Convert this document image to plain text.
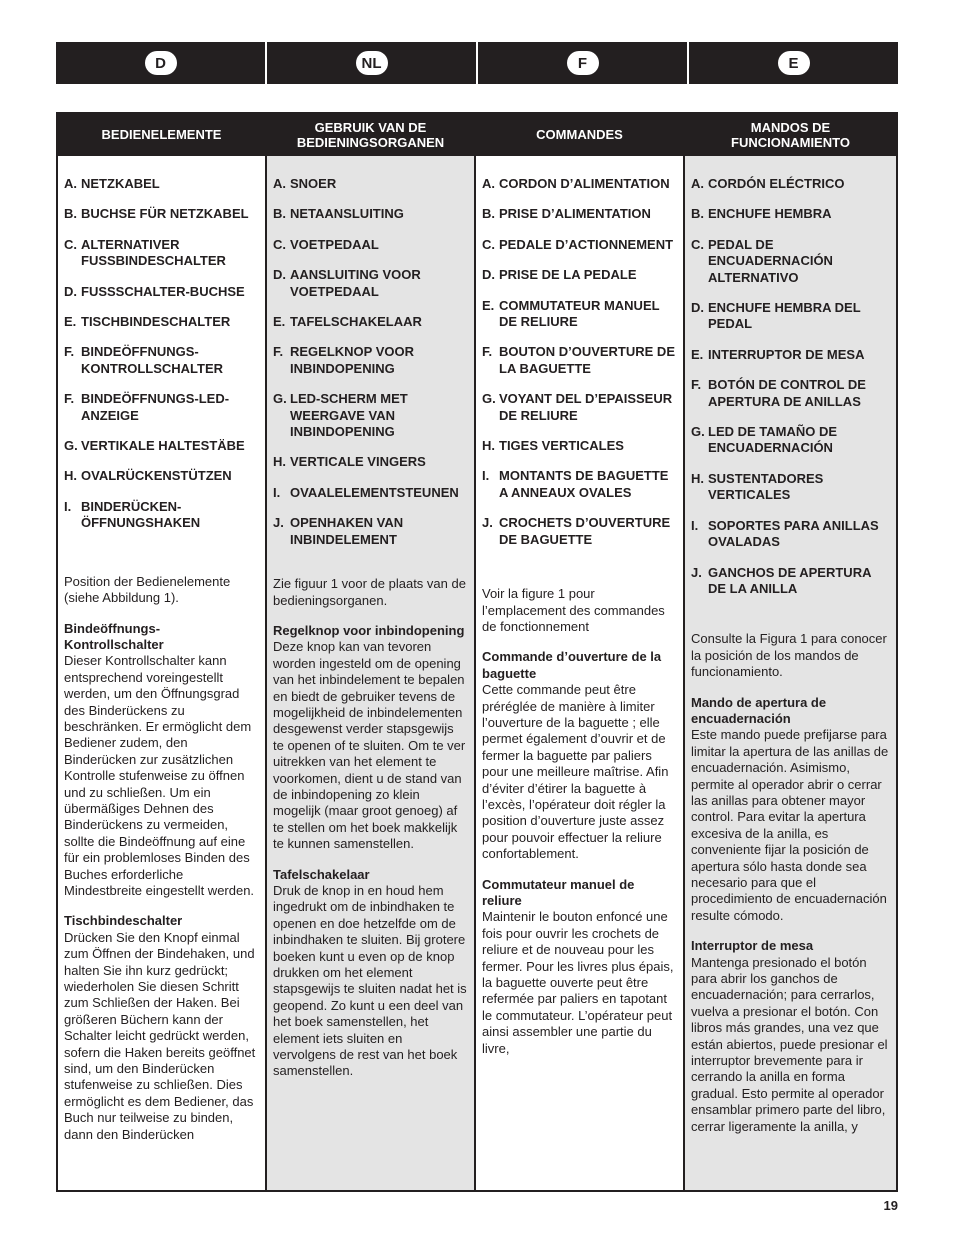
D	NL	F	E
BEDIENELEMENTE
A. NETZKABEL
B. BUCHSE FÜR NETZKABEL
C. ALTERNATIVER FUSSBINDESCHALTER
D. FUSSSCHALTER-BUCHSE
E. TISCHBINDESCHALTER
F. BINDEÖFFNUNGS-KONTROLLSCHALTER
F. BINDEÖFFNUNGS-LED-ANZEIGE
G. VERTIKALE HALTESTÄBE
H. OVALRÜCKENSTÜTZEN
I. BINDERÜCKEN-ÖFFNUNGSHAKEN
Position der Bedienelemente (siehe Abbildung 1).
Bindeöffnungs-Kontrollschalter
Dieser Kontrollschalter kann entsprechend voreingestellt werden, um den Öffnungsgrad des Binderückens zu beschränken. Er ermöglicht dem Bediener zudem, den Binderücken zur zusätzlichen Kontrolle stufenweise zu öffnen und zu schließen. Um ein übermäßiges Dehnen des Binderückens zu vermeiden, sollte die Bindeöffnung auf eine für ein problemloses Binden des Buches erforderliche Mindestbreite eingestellt werden.
Tischbindeschalter
Drücken Sie den Knopf einmal zum Öffnen der Bindehaken, und halten Sie ihn kurz gedrückt; wiederholen Sie diesen Schritt zum Schließen der Haken. Bei größeren Büchern kann der Schalter leicht gedrückt werden, sofern die Haken bereits geöffnet sind, um den Binderücken stufenweise zu schließen. Dies ermöglicht es dem Bediener, das Buch nur teilweise zu binden, dann den Binderücken
GEBRUIK VAN DE BEDIENINGSORGANEN
A. SNOER
B. NETAANSLUITING
C. VOETPEDAAL
D. AANSLUITING VOOR VOETPEDAAL
E. TAFELSCHAKELAAR
F. REGELKNOP VOOR INBINDOPENING
G. LED-SCHERM MET WEERGAVE VAN INBINDOPENING
H. VERTICALE VINGERS
I. OVAALELEMENTSTEUNEN
J. OPENHAKEN VAN INBINDELEMENT
Zie figuur 1 voor de plaats van de bedieningsorganen.
Regelknop voor inbindopening
Deze knop kan van tevoren worden ingesteld om de opening van het inbindelement te bepalen en biedt de gebruiker tevens de mogelijkheid de inbindelementen desgewenst verder stapsgewijs te openen of te sluiten. Om te ver uitrekken van het element te voorkomen, dient u de stand van de inbindopening zo klein mogelijk (maar groot genoeg) af te stellen om het boek makkelijk te kunnen samenstellen.
Tafelschakelaar
Druk de knop in en houd hem ingedrukt om de inbindhaken te openen en doe hetzelfde om de inbindhaken te sluiten. Bij grotere boeken kunt u even op de knop drukken om het element stapsgewijs te sluiten nadat het is geopend. Zo kunt u een deel van het boek samenstellen, het element iets sluiten en vervolgens de rest van het boek samenstellen.
COMMANDES
A. CORDON D’ALIMENTATION
B. PRISE D’ALIMENTATION
C. PEDALE D’ACTIONNEMENT
D. PRISE DE LA PEDALE
E. COMMUTATEUR MANUEL DE RELIURE
F. BOUTON D’OUVERTURE DE LA BAGUETTE
G. VOYANT DEL D’EPAISSEUR DE RELIURE
H. TIGES VERTICALES
I. MONTANTS DE BAGUETTE A ANNEAUX OVALES
J. CROCHETS D’OUVERTURE DE BAGUETTE
Voir la figure 1 pour l’emplacement des commandes de fonctionnement
Commande d’ouverture de la baguette
Cette commande peut être préréglée de manière à limiter l’ouverture de la baguette ; elle permet également d’ouvrir et de fermer la baguette par paliers pour une meilleure maîtrise. Afin d’éviter d’étirer la baguette à l’excès, l’opérateur doit régler la position d’ouverture juste assez pour pouvoir effectuer la reliure confortablement.
Commutateur manuel de reliure
Maintenir le bouton enfoncé une fois pour ouvrir les crochets de reliure et de nouveau pour les fermer. Pour les livres plus épais, la baguette ouverte peut être refermée par paliers en tapotant le commutateur. L’opérateur peut ainsi assembler une partie du livre,
MANDOS DE FUNCIONAMIENTO
A. CORDÓN ELÉCTRICO
B. ENCHUFE HEMBRA
C. PEDAL DE ENCUADERNACIÓN ALTERNATIVO
D. ENCHUFE HEMBRA DEL PEDAL
E. INTERRUPTOR DE MESA
F. BOTÓN DE CONTROL DE APERTURA DE ANILLAS
G. LED DE TAMAÑO DE ENCUADERNACIÓN
H. SUSTENTADORES VERTICALES
I. SOPORTES PARA ANILLAS OVALADAS
J. GANCHOS DE APERTURA DE LA ANILLA
Consulte la Figura 1 para conocer la posición de los mandos de funcionamiento.
Mando de apertura de encuadernación
Este mando puede prefijarse para limitar la apertura de las anillas de encuadernación. Asimismo, permite al operador abrir o cerrar las anillas para obtener mayor control. Para evitar la apertura excesiva de la anilla, es conveniente fijar la posición de apertura sólo hasta donde sea necesario para que el procedimiento de encuadernación resulte cómodo.
Interruptor de mesa
Mantenga presionado el botón para abrir los ganchos de encuadernación; para cerrarlos, vuelva a presionar el botón. Con libros más grandes, una vez que están abiertos, puede presionar el interruptor brevemente para ir cerrando la anilla en forma gradual. Esto permite al operador ensamblar primero parte del libro, cerrar ligeramente la anilla, y
19
